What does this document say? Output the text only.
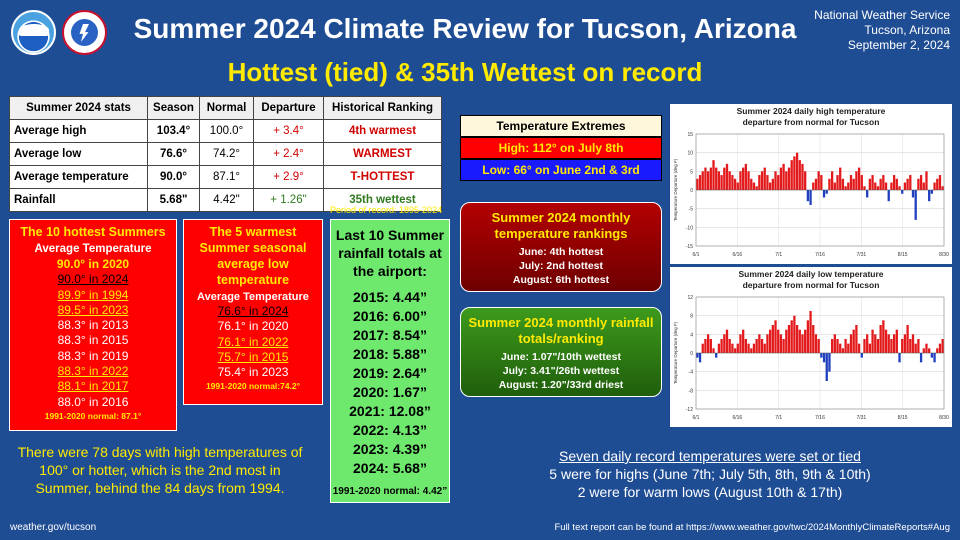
Summer 2024 Climate Review for Tucson, Arizona
Hottest (tied) & 35th Wettest on record
National Weather Service
Tucson, Arizona
September 2, 2024
Summer 2024 stats	Season	Normal	Departure	Historical Ranking
Average high	103.4°	100.0°	+ 3.4°	4th warmest
Average low	76.6°	74.2°	+ 2.4°	WARMEST
Average temperature	90.0°	87.1°	+ 2.9°	T-HOTTEST
Rainfall	5.68"	4.42"	+ 1.26"	35th wettest
Period of record: 1895-2024
The 10 hottest Summers
Average Temperature
90.0° in 2020
90.0° in 2024
89.9° in 1994
89.5° in 2023
88.3° in 2013
88.3° in 2015
88.3° in 2019
88.3° in 2022
88.1° in 2017
88.0° in 2016
1991-2020 normal: 87.1°
The 5 warmest Summer seasonal average low temperature
Average Temperature
76.6° in 2024
76.1° in 2020
76.1° in 2022
75.7° in 2015
75.4° in 2023
1991-2020 normal:74.2°
Last 10 Summer rainfall totals at the airport:
2015: 4.44”
2016: 6.00”
2017: 8.54”
2018: 5.88”
2019: 2.64”
2020: 1.67”
2021: 12.08”
2022: 4.13”
2023: 4.39”
2024: 5.68”
1991-2020 normal: 4.42”
Temperature Extremes
High: 112° on July 8th
Low: 66° on June 2nd & 3rd
Summer 2024 monthly temperature rankings
June: 4th hottest
July: 2nd hottest
August: 6th hottest
Summer 2024 monthly rainfall totals/ranking
June: 1.07"/10th wettest
July: 3.41"/26th wettest
August: 1.20"/33rd driest
Summer 2024 daily high temperature
departure from normal for Tucson
Temperature Departure (deg F)
-15
-10
-5
0
5
10
15
6/1	6/16	7/1	7/16	7/31	8/15	8/30
Summer 2024 daily low temperature
departure from normal for Tucson
Temperature Departure (deg F)
-12
-8
-4
0
4
8
12
6/1	6/16	7/1	7/16	7/31	8/15	8/30
There were 78 days with high temperatures of 100° or hotter, which is the 2nd most in Summer, behind the 84 days from 1994.
Seven daily record temperatures were set or tied
5 were for highs (June 7th; July 5th, 8th, 9th & 10th)
2 were for warm lows (August 10th & 17th)
weather.gov/tucson	Full text report can be found at https://www.weather.gov/twc/2024MonthlyClimateReports#Aug
